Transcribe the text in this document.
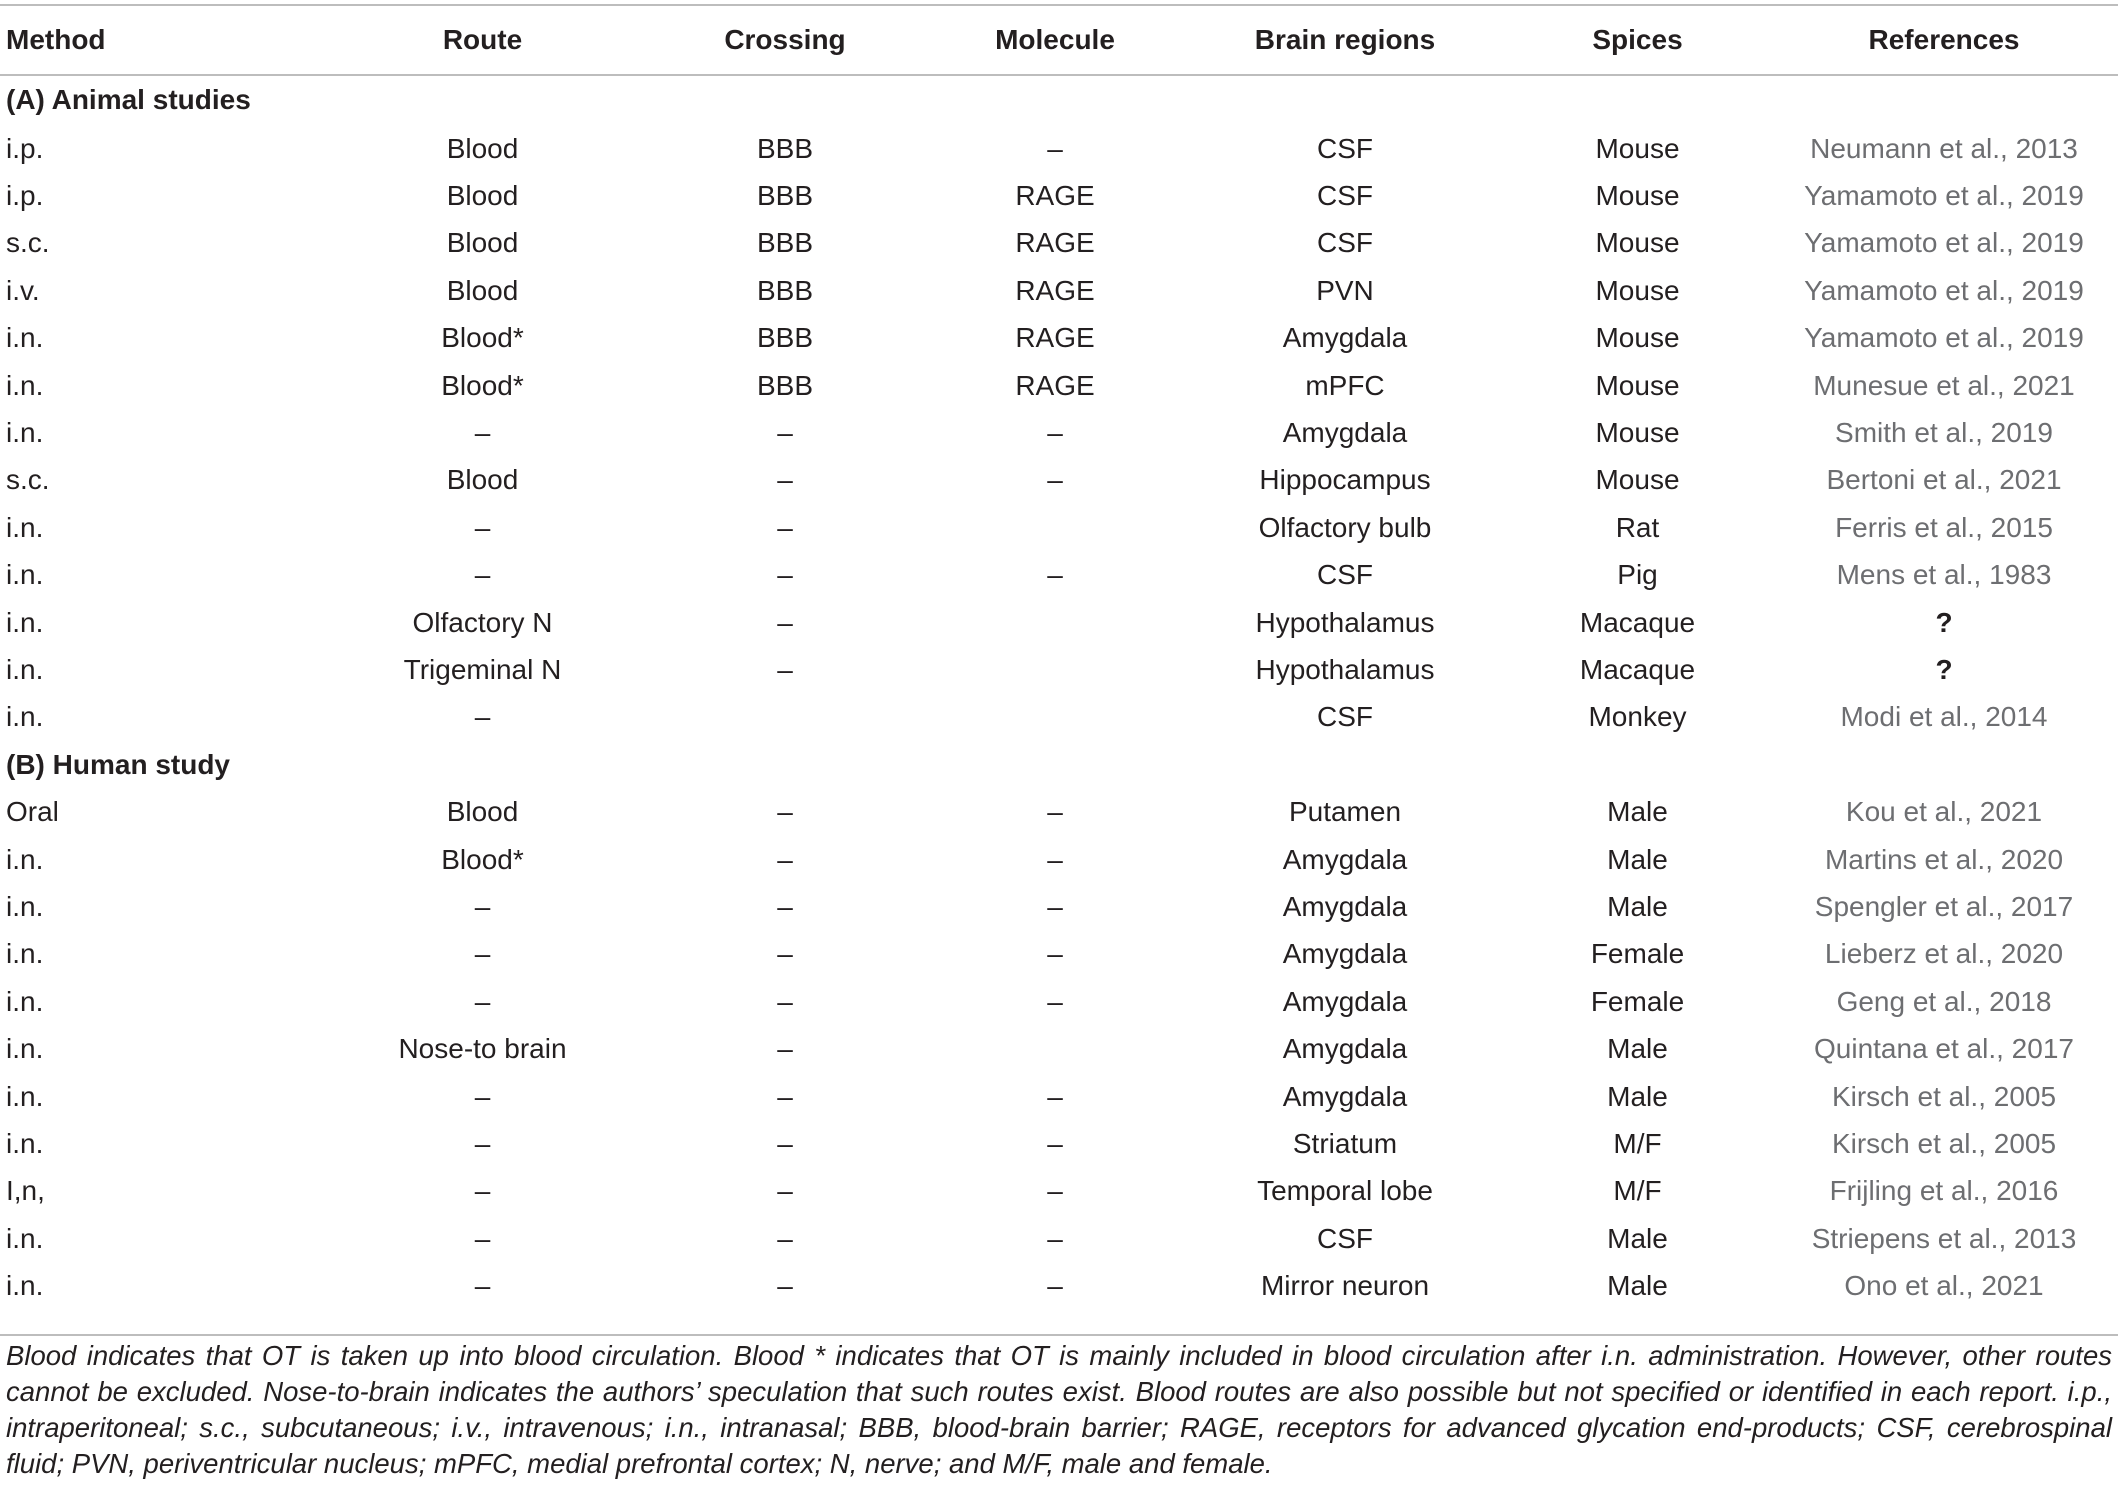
Method	Route	Crossing	Molecule	Brain regions	Spices	References
(A) Animal studies						
i.p.	Blood	BBB	–	CSF	Mouse	Neumann et al., 2013
i.p.	Blood	BBB	RAGE	CSF	Mouse	Yamamoto et al., 2019
s.c.	Blood	BBB	RAGE	CSF	Mouse	Yamamoto et al., 2019
i.v.	Blood	BBB	RAGE	PVN	Mouse	Yamamoto et al., 2019
i.n.	Blood*	BBB	RAGE	Amygdala	Mouse	Yamamoto et al., 2019
i.n.	Blood*	BBB	RAGE	mPFC	Mouse	Munesue et al., 2021
i.n.	–	–	–	Amygdala	Mouse	Smith et al., 2019
s.c.	Blood	–	–	Hippocampus	Mouse	Bertoni et al., 2021
i.n.	–	–		Olfactory bulb	Rat	Ferris et al., 2015
i.n.	–	–	–	CSF	Pig	Mens et al., 1983
i.n.	Olfactory N	–		Hypothalamus	Macaque	?
i.n.	Trigeminal N	–		Hypothalamus	Macaque	?
i.n.	–			CSF	Monkey	Modi et al., 2014
(B) Human study						
Oral	Blood	–	–	Putamen	Male	Kou et al., 2021
i.n.	Blood*	–	–	Amygdala	Male	Martins et al., 2020
i.n.	–	–	–	Amygdala	Male	Spengler et al., 2017
i.n.	–	–	–	Amygdala	Female	Lieberz et al., 2020
i.n.	–	–	–	Amygdala	Female	Geng et al., 2018
i.n.	Nose-to brain	–		Amygdala	Male	Quintana et al., 2017
i.n.	–	–	–	Amygdala	Male	Kirsch et al., 2005
i.n.	–	–	–	Striatum	M/F	Kirsch et al., 2005
I,n,	–	–	–	Temporal lobe	M/F	Frijling et al., 2016
i.n.	–	–	–	CSF	Male	Striepens et al., 2013
i.n.	–	–	–	Mirror neuron	Male	Ono et al., 2021
Blood indicates that OT is taken up into blood circulation. Blood * indicates that OT is mainly included in blood circulation after i.n. administration. However, other routes cannot be excluded. Nose-to-brain indicates the authors’ speculation that such routes exist. Blood routes are also possible but not specified or identified in each report. i.p., intraperitoneal; s.c., subcutaneous; i.v., intravenous; i.n., intranasal; BBB, blood-brain barrier; RAGE, receptors for advanced glycation end-products; CSF, cerebrospinal fluid; PVN, periventricular nucleus; mPFC, medial prefrontal cortex; N, nerve; and M/F, male and female.
